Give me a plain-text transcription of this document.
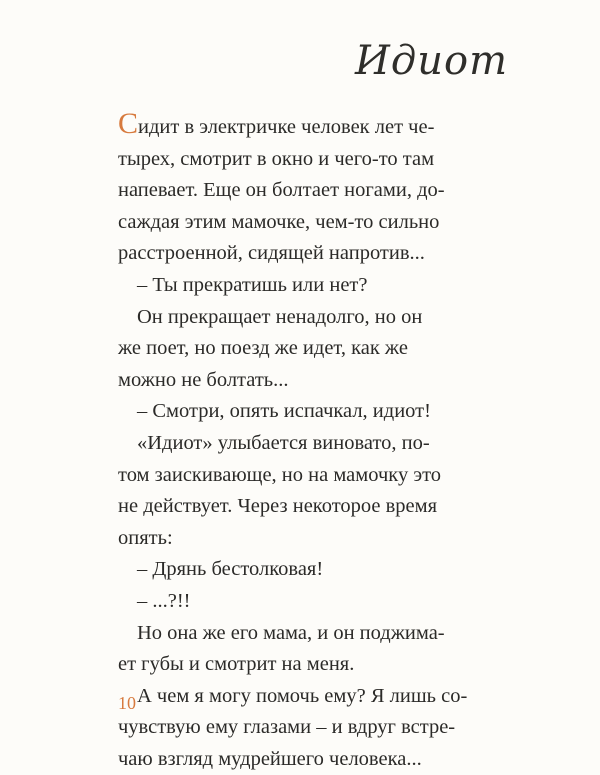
Идиот
Сидит в электричке человек лет че-
тырех, смотрит в окно и чего-то там
напевает. Еще он болтает ногами, до-
саждая этим мамочке, чем-то сильно
расстроенной, сидящей напротив...
– Ты прекратишь или нет?
Он прекращает ненадолго, но он
же поет, но поезд же идет, как же
можно не болтать...
– Смотри, опять испачкал, идиот!
«Идиот» улыбается виновато, по-
том заискивающе, но на мамочку это
не действует. Через некоторое время
опять:
– Дрянь бестолковая!
– ...?!!
Но она же его мама, и он поджима-
ет губы и смотрит на меня.
А чем я могу помочь ему? Я лишь со-
чувствую ему глазами – и вдруг встре-
чаю взгляд мудрейшего человека...
10
